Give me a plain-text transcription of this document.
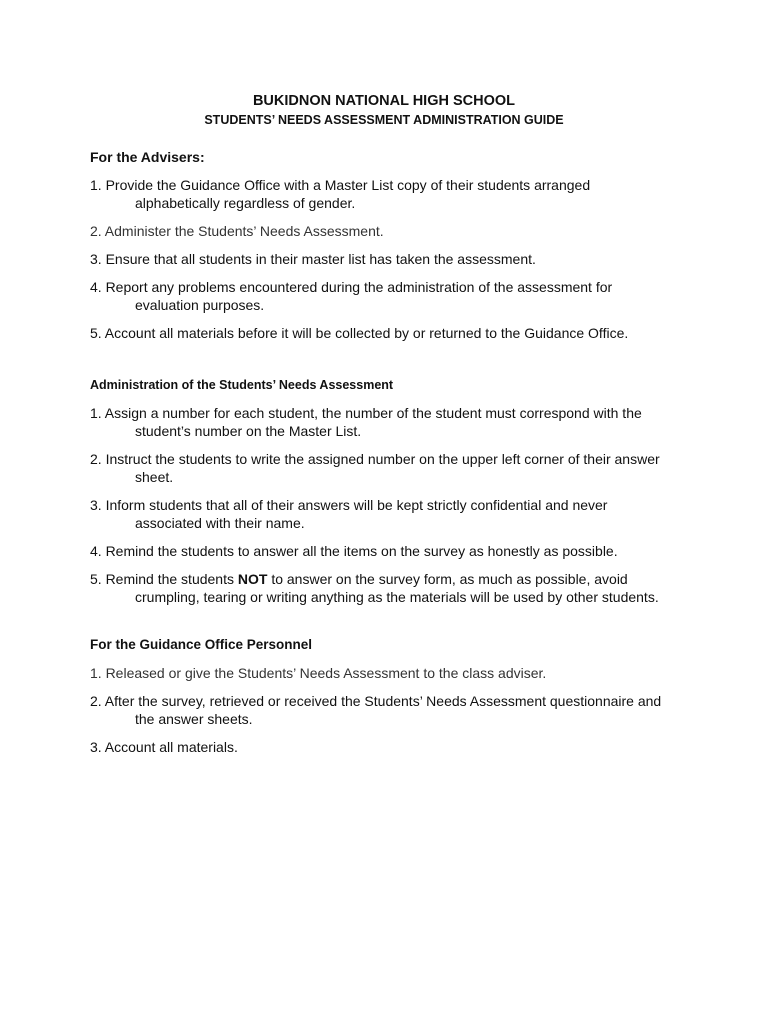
BUKIDNON NATIONAL HIGH SCHOOL
STUDENTS’ NEEDS ASSESSMENT ADMINISTRATION GUIDE
For the Advisers:
1. Provide the Guidance Office with a Master List copy of their students arranged alphabetically regardless of gender.
2. Administer the Students’ Needs Assessment.
3. Ensure that all students in their master list has taken the assessment.
4. Report any problems encountered during the administration of the assessment for evaluation purposes.
5. Account all materials before it will be collected by or returned to the Guidance Office.
Administration of the Students’ Needs Assessment
1. Assign a number for each student, the number of the student must correspond with the student’s number on the Master List.
2. Instruct the students to write the assigned number on the upper left corner of their answer sheet.
3. Inform students that all of their answers will be kept strictly confidential and never associated with their name.
4. Remind the students to answer all the items on the survey as honestly as possible.
5. Remind the students NOT to answer on the survey form, as much as possible, avoid crumpling, tearing or writing anything as the materials will be used by other students.
For the Guidance Office Personnel
1. Released or give the Students’ Needs Assessment to the class adviser.
2. After the survey, retrieved or received the Students’ Needs Assessment questionnaire and the answer sheets.
3. Account all materials.
